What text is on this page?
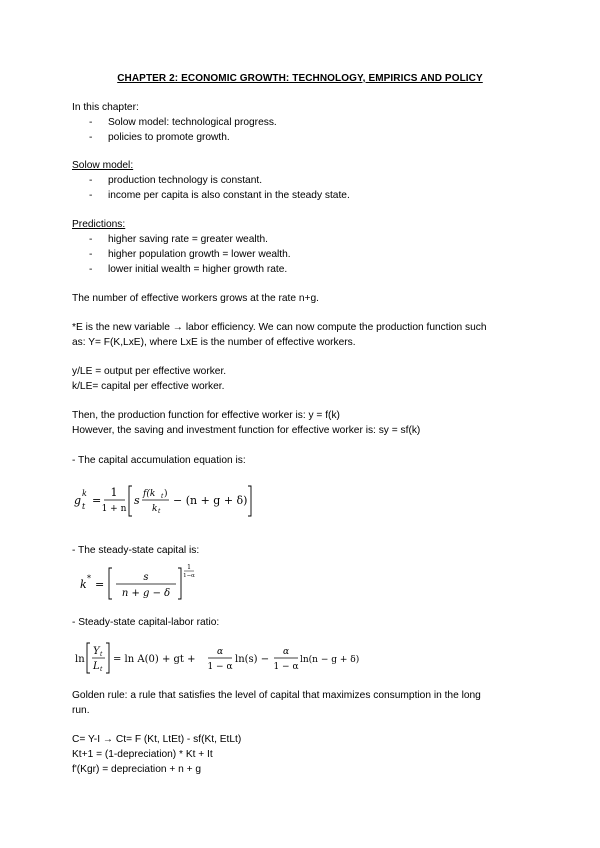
CHAPTER 2: ECONOMIC GROWTH: TECHNOLOGY, EMPIRICS AND POLICY
In this chapter:
- Solow model: technological progress.
- policies to promote growth.
Solow model:
- production technology is constant.
- income per capita is also constant in the steady state.
Predictions:
- higher saving rate = greater wealth.
- higher population growth = lower wealth.
- lower initial wealth = higher growth rate.
The number of effective workers grows at the rate n+g.
*E is the new variable → labor efficiency. We can now compute the production function such
as: Y= F(K,LxE), where LxE is the number of effective workers.
y/LE = output per effective worker.
k/LE= capital per effective worker.
Then, the production function for effective worker is: y = f(k)
However, the saving and investment function for effective worker is: sy = sf(k)
- The capital accumulation equation is:
g
k
t =
1
1 + n
s f(k t )
k t
− (n + g + δ)
- The steady-state capital is:
k * =
s
n + g − δ
1
1−α
- Steady-state capital-labor ratio:
ln
Y t
L t
= ln A(0) + gt +
α
1 − α
ln(s) −
α
1 − α
ln(n − g + δ)
Golden rule: a rule that satisfies the level of capital that maximizes consumption in the long
run.
C= Y-I → Ct= F (Kt, LtEt) - sf(Kt, EtLt)
Kt+1 = (1-depreciation) * Kt + It
f'(Kgr) = depreciation + n + g
